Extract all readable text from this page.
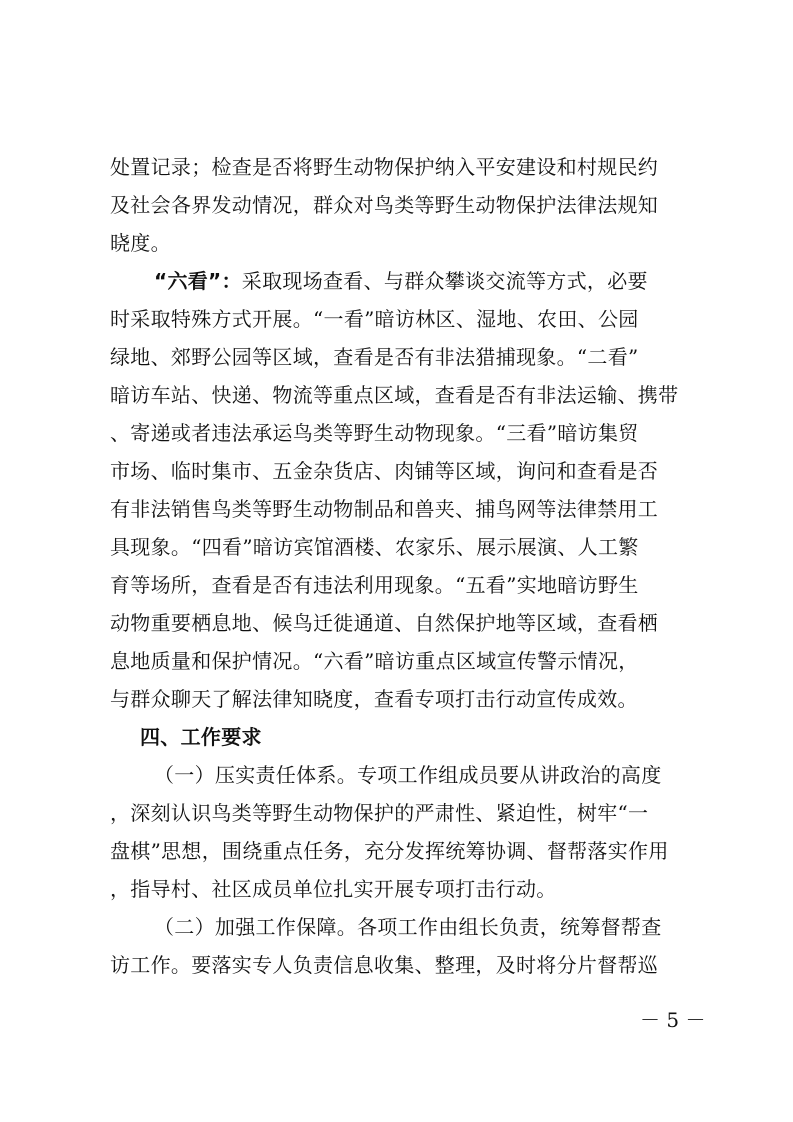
处置记录；检查是否将野生动物保护纳入平安建设和村规民约
及社会各界发动情况，群众对鸟类等野生动物保护法律法规知
晓度。
“六看”：采取现场查看、与群众攀谈交流等方式，必要
时采取特殊方式开展。“一看”暗访林区、湿地、农田、公园
绿地、郊野公园等区域，查看是否有非法猎捕现象。“二看”
暗访车站、快递、物流等重点区域，查看是否有非法运输、携带
、寄递或者违法承运鸟类等野生动物现象。“三看”暗访集贸
市场、临时集市、五金杂货店、肉铺等区域，询问和查看是否
有非法销售鸟类等野生动物制品和兽夹、捕鸟网等法律禁用工
具现象。“四看”暗访宾馆酒楼、农家乐、展示展演、人工繁
育等场所，查看是否有违法利用现象。“五看”实地暗访野生
动物重要栖息地、候鸟迁徙通道、自然保护地等区域，查看栖
息地质量和保护情况。“六看”暗访重点区域宣传警示情况，
与群众聊天了解法律知晓度，查看专项打击行动宣传成效。
四、工作要求
（一）压实责任体系。专项工作组成员要从讲政治的高度
，深刻认识鸟类等野生动物保护的严肃性、紧迫性，树牢“一
盘棋”思想，围绕重点任务，充分发挥统筹协调、督帮落实作用
，指导村、社区成员单位扎实开展专项打击行动。
（二）加强工作保障。各项工作由组长负责，统筹督帮查
访工作。要落实专人负责信息收集、整理，及时将分片督帮巡
－ 5 －
